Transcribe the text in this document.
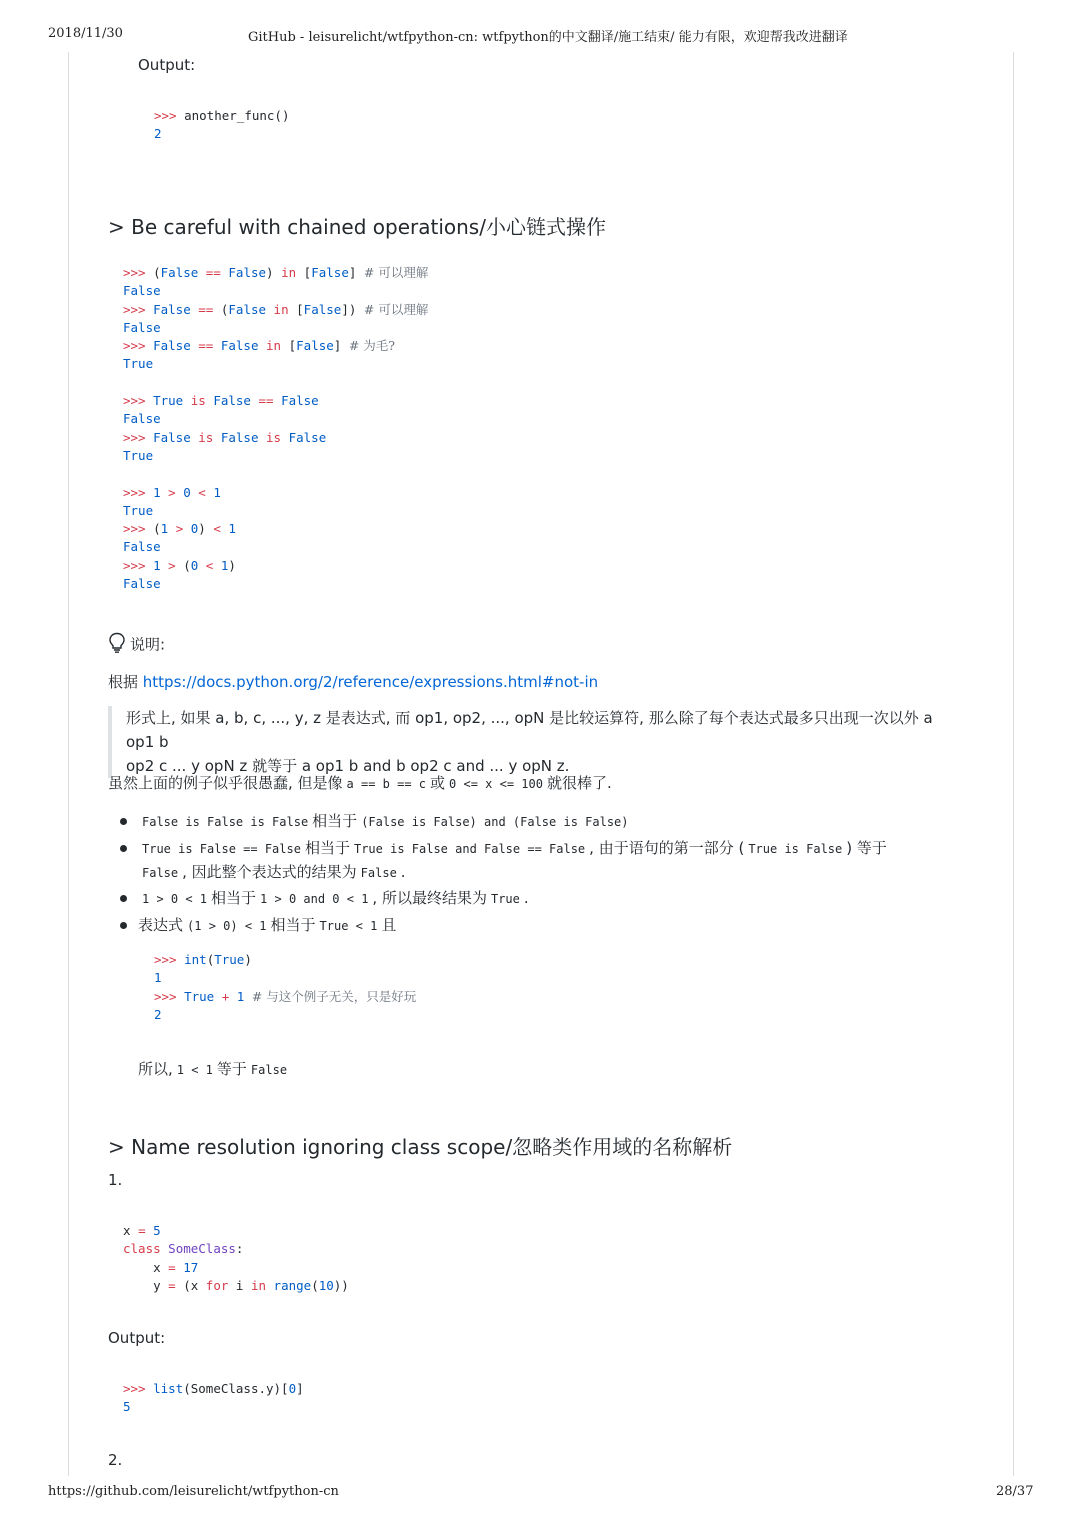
2018/11/30	GitHub - leisurelicht/wtfpython-cn: wtfpython的中文翻译/施工结束/ 能力有限，欢迎帮我改进翻译
https://github.com/leisurelicht/wtfpython-cn	28/37
Output:
>>> another_func()
2
> Be careful with chained operations/小心链式操作
>>> (False == False) in [False] # 可以理解
False
>>> False == (False in [False]) # 可以理解
False
>>> False == False in [False] # 为毛?
True
>>> True is False == False
False
>>> False is False is False
True
>>> 1 > 0 < 1
True
>>> (1 > 0) < 1
False
>>> 1 > (0 < 1)
False
说明:
根据 https://docs.python.org/2/reference/expressions.html#not-in
形式上, 如果 a, b, c, ..., y, z 是表达式, 而 op1, op2, ..., opN 是比较运算符, 那么除了每个表达式最多只出现一次以外 a op1 b
op2 c ... y opN z 就等于 a op1 b and b op2 c and ... y opN z.
虽然上面的例子似乎很愚蠢, 但是像 a == b == c 或 0 <= x <= 100 就很棒了.
False is False is False 相当于 (False is False) and (False is False)
True is False == False 相当于 True is False and False == False , 由于语句的第一部分 ( True is False ) 等于
False , 因此整个表达式的结果为 False .
1 > 0 < 1 相当于 1 > 0 and 0 < 1 , 所以最终结果为 True .
表达式 (1 > 0) < 1 相当于 True < 1 且
>>> int(True)
1
>>> True + 1 # 与这个例子无关，只是好玩
2
所以, 1 < 1 等于 False
> Name resolution ignoring class scope/忽略类作用域的名称解析
1.
x = 5
class SomeClass:
x = 17
y = (x for i in range(10))
Output:
>>> list(SomeClass.y)[0]
5
2.
